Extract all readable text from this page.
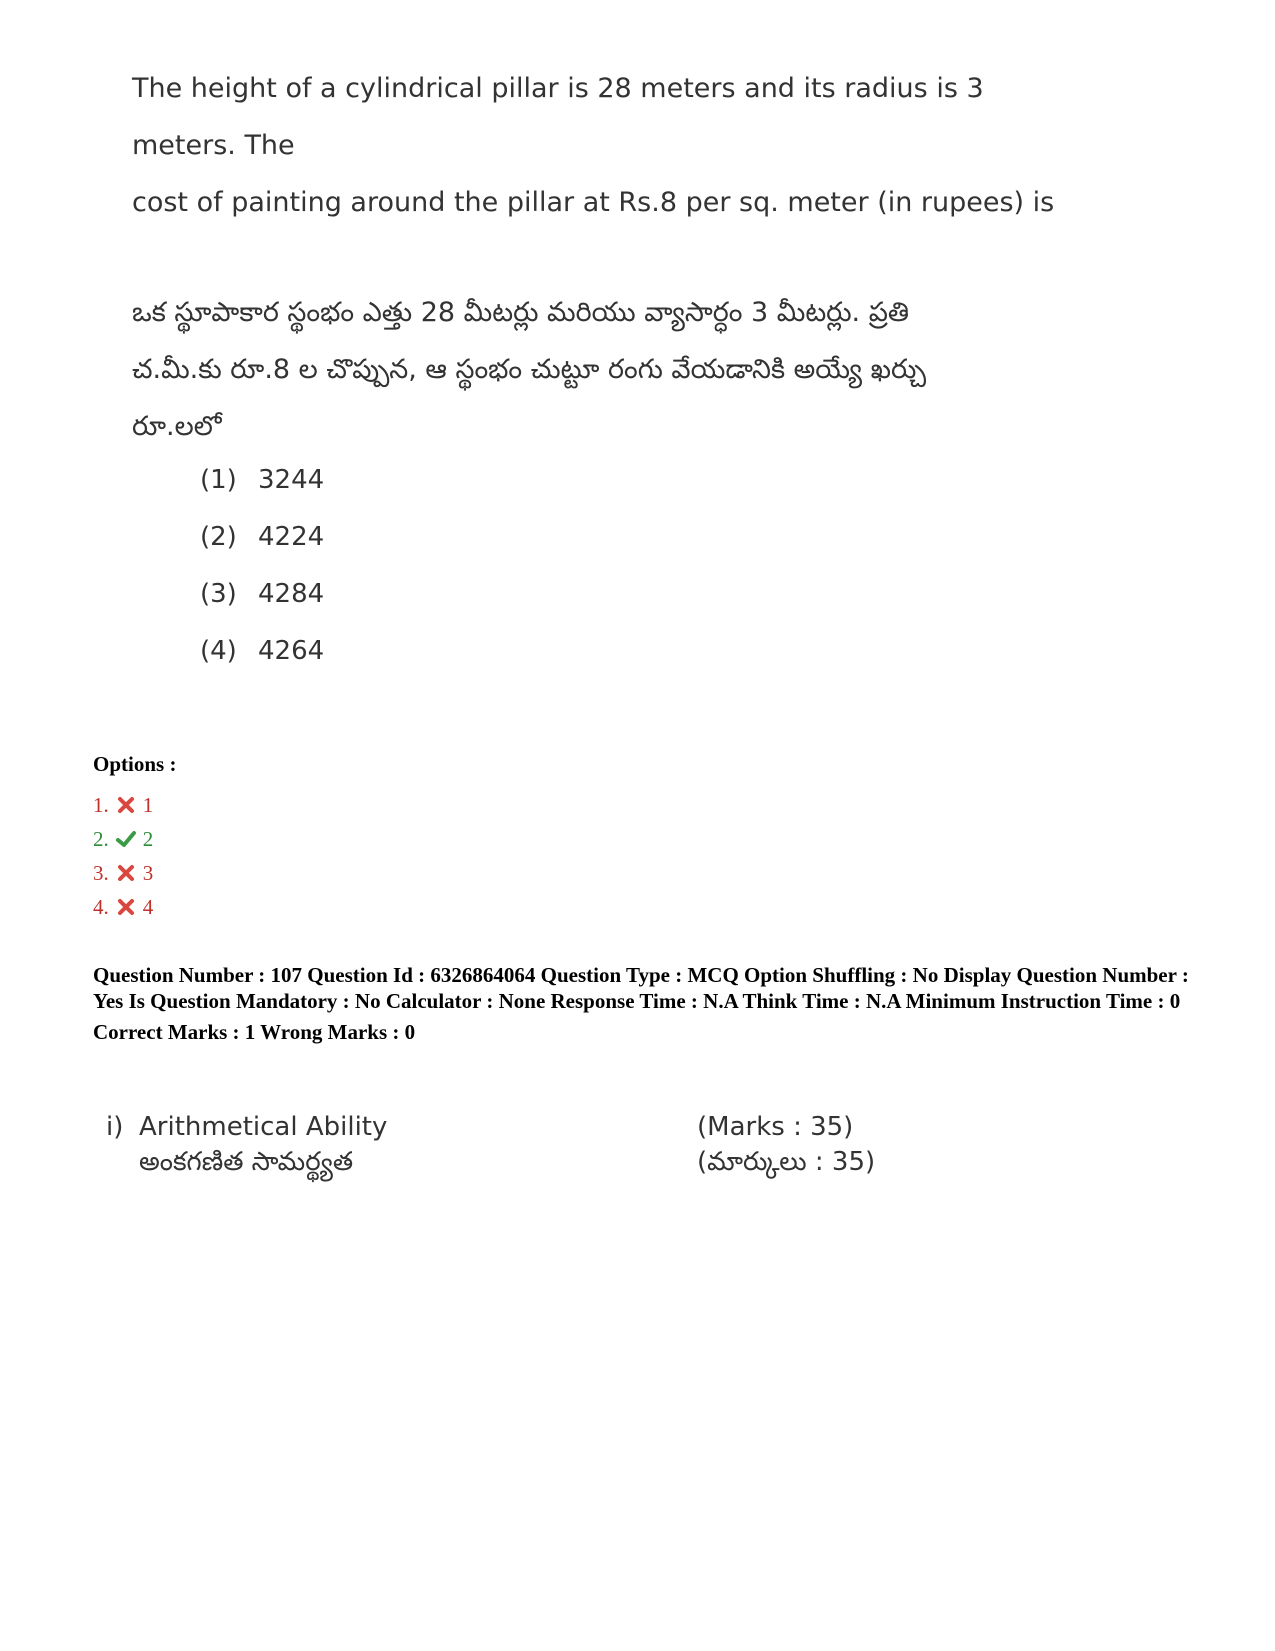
The height of a cylindrical pillar is 28 meters and its radius is 3 meters. The
cost of painting around the pillar at Rs.8 per sq. meter (in rupees) is

ఒక స్థూపాకార స్థంభం ఎత్తు 28 మీటర్లు మరియు వ్యాసార్ధం 3 మీటర్లు. ప్రతి
చ.మీ.కు రూ.8 ల చొప్పున, ఆ స్థంభం చుట్టూ రంగు వేయడానికి అయ్యే ఖర్చు
రూ.లలో

(1) 3244
(2) 4224
(3) 4284
(4) 4264
Options :
1. 1
2. 2
3. 3
4. 4

Question Number : 107 Question Id : 6326864064 Question Type : MCQ Option Shuffling : No Display Question Number : Yes Is Question Mandatory : No Calculator : None Response Time : N.A Think Time : N.A Minimum Instruction Time : 0

Correct Marks : 1 Wrong Marks : 0

i) Arithmetical Ability	(Marks : 35)
అంకగణిత సామర్థ్యత	(మార్కులు : 35)
